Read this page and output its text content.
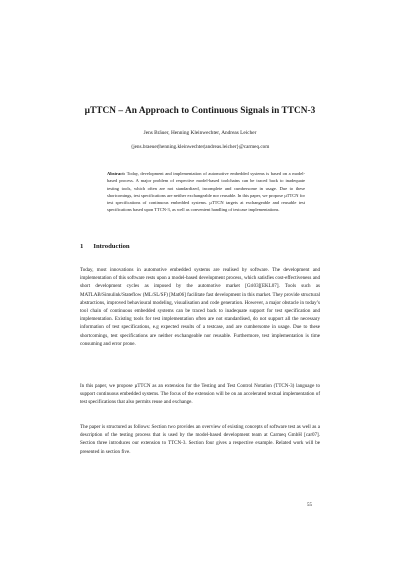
µTTCN – An Approach to Continuous Signals in TTCN-3
Jens Bräuer, Henning Kleinwechter, Andreas Leicher
{jens.braeuer|henning.kleinwechter|andreas.leicher}@carmeq.com
Abstract: Today, development and implementation of automotive embedded systems is based on a model-based process. A major problem of respective model-based toolchains can be traced back to inadequate testing tools, which often are not standardized, incomplete and cumbersome in usage. Due to these shortcomings, test specifications are neither exchangeable nor reusable. In this paper, we propose µTTCN for test specifications of continuous embedded systems. µTTCN targets at exchangeable and reusable test specifications based upon TTCN-3, as well as convenient handling of testcase implementations.
1 Introduction
Today, most innovations in automotive embedded systems are realised by software. The development and implementation of this software rests upon a model-based development process, which satisfies cost-effectiveness and short development cycles as imposed by the automotive market [Gri03][EKL07]. Tools such as MATLAB/Simulink/Stateflow (ML/SL/SF) [Mat06] facilitate fast development in this market. They provide structural abstractions, improved behavioural modeling, visualisation and code generation. However, a major obstacle in today’s tool chain of continuous embedded systems can be traced back to inadequate support for test specification and implementation. Existing tools for test implementation often are not standardised, do not support all the necessary information of test specifications, e.g expected results of a testcase, and are cumbersome in usage. Due to these shortcomings, test specifications are neither exchangeable nor reusable. Furthermore, test implementation is time consuming and error prone.
In this paper, we propose µTTCN as an extension for the Testing and Test Control Notation (TTCN-3) language to support continuous embedded systems. The focus of the extension will be on an accelerated textual implementation of test specifications that also permits reuse and exchange.
The paper is structured as follows: Section two provides an overview of existing concepts of software test as well as a description of the testing process that is used by the model-based development team at Carmeq GmbH [car07]. Section three introduces our extension to TTCN-3. Section four gives a respective example. Related work will be presented in section five.
55
